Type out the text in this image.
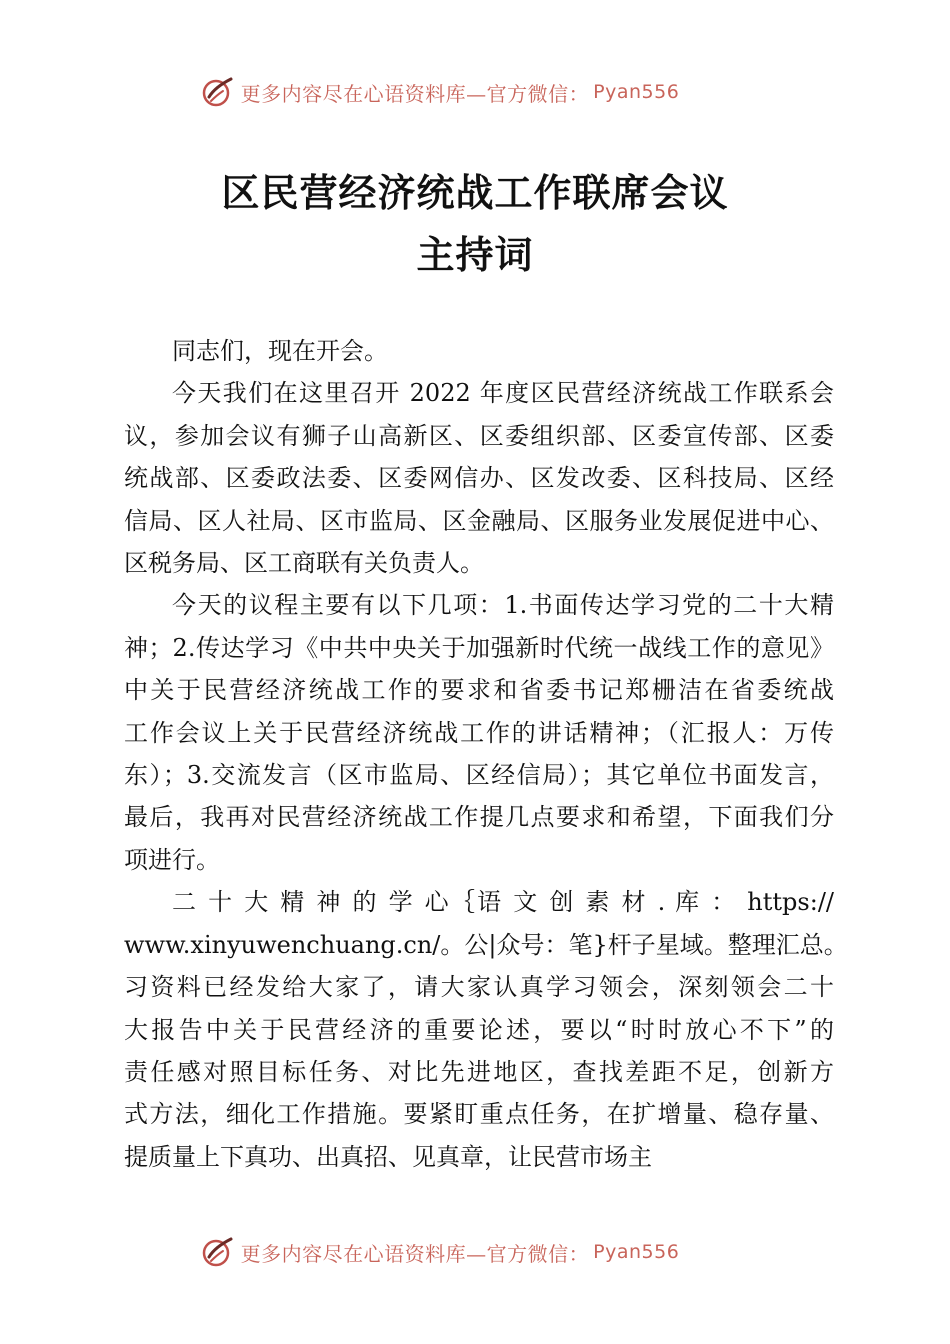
更多内容尽在心语资料库—官方微信： Pyan556
区民营经济统战工作联席会议
主持词
同志们，现在开会。
今天我们在这里召开 2022 年度区民营经济统战工作联系会
议，参加会议有狮子山高新区、区委组织部、区委宣传部、区委
统战部、区委政法委、区委网信办、区发改委、区科技局、区经
信局、区人社局、区市监局、区金融局、区服务业发展促进中心、
区税务局、区工商联有关负责人。
今天的议程主要有以下几项：1.书面传达学习党的二十大精
神；2.传达学习《中共中央关于加强新时代统一战线工作的意见》
中关于民营经济统战工作的要求和省委书记郑栅洁在省委统战
工作会议上关于民营经济统战工作的讲话精神；（汇报人：万传
东）；3.交流发言（区市监局、区经信局）；其它单位书面发言，
最后，我再对民营经济统战工作提几点要求和希望，下面我们分
项进行。
二 十 大 精 神 的 学 心｛语 文 创 素 材 . 库 ： https://
www.xinyuwenchuang.cn/。公|众号：笔}杆子星域。整理汇总。
习资料已经发给大家了，请大家认真学习领会，深刻领会二十
大报告中关于民营经济的重要论述，要以“时时放心不下”的
责任感对照目标任务、对比先进地区，查找差距不足，创新方
式方法，细化工作措施。要紧盯重点任务，在扩增量、稳存量、
提质量上下真功、出真招、见真章，让民营市场主
更多内容尽在心语资料库—官方微信： Pyan556
